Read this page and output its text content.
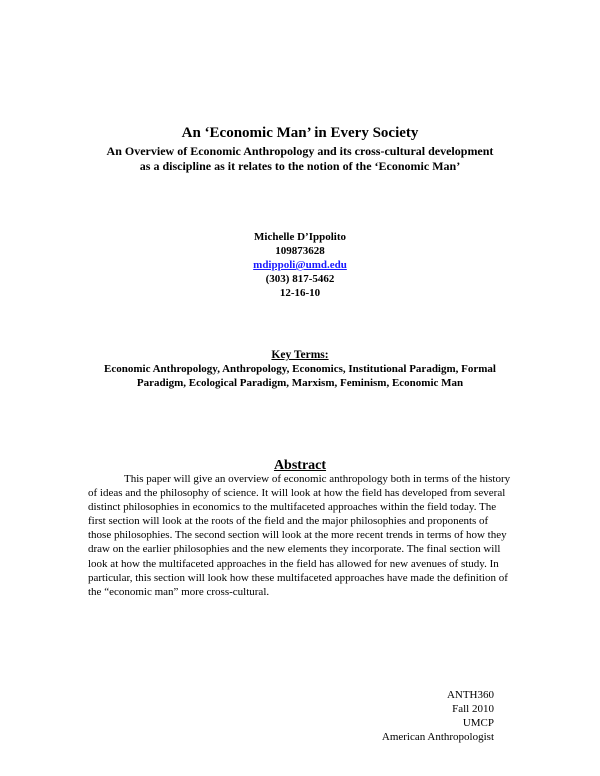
An ‘Economic Man’ in Every Society
An Overview of Economic Anthropology and its cross-cultural development
as a discipline as it relates to the notion of the ‘Economic Man’
Michelle D’Ippolito
109873628
mdippoli@umd.edu
(303) 817-5462
12-16-10
Key Terms:
Economic Anthropology, Anthropology, Economics, Institutional Paradigm, Formal
Paradigm, Ecological Paradigm, Marxism, Feminism, Economic Man
Abstract

This paper will give an overview of economic anthropology both in terms of the history of ideas and the philosophy of science. It will look at how the field has developed from several distinct philosophies in economics to the multifaceted approaches within the field today. The first section will look at the roots of the field and the major philosophies and proponents of those philosophies. The second section will look at the more recent trends in terms of how they draw on the earlier philosophies and the new elements they incorporate. The final section will look at how the multifaceted approaches in the field has allowed for new avenues of study. In particular, this section will look how these multifaceted approaches have made the definition of the “economic man” more cross-cultural.

ANTH360
Fall 2010
UMCP
American Anthropologist
